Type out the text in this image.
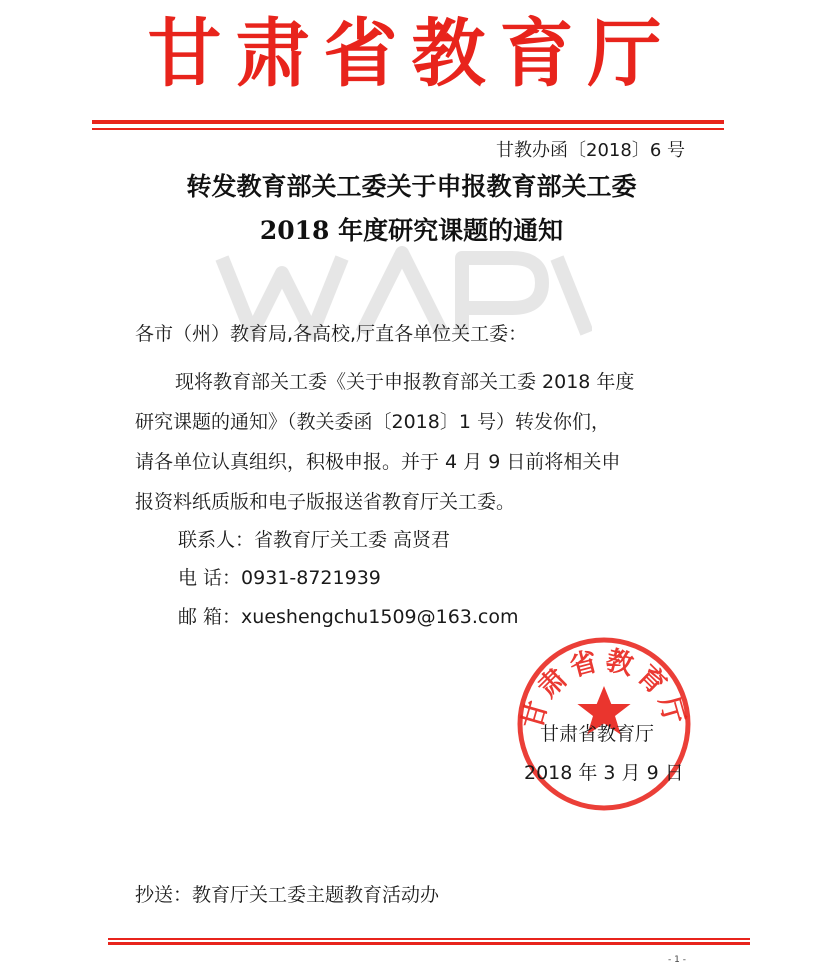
甘肃省教育厅
甘教办函〔2018〕6 号
转发教育部关工委关于申报教育部关工委
2018 年度研究课题的通知
各市（州）教育局,各高校,厅直各单位关工委：
现将教育部关工委《关于申报教育部关工委 2018 年度
研究课题的通知》（教关委函〔2018〕1 号）转发你们，
请各单位认真组织，积极申报。并于 4 月 9 日前将相关申
报资料纸质版和电子版报送省教育厅关工委。
联系人：省教育厅关工委 高贤君
电 话：0931-8721939
邮 箱：xueshengchu1509@163.com
甘肃省教育厅
甘肃省教育厅
2018 年 3 月 9 日
抄送：教育厅关工委主题教育活动办
- 1 -
